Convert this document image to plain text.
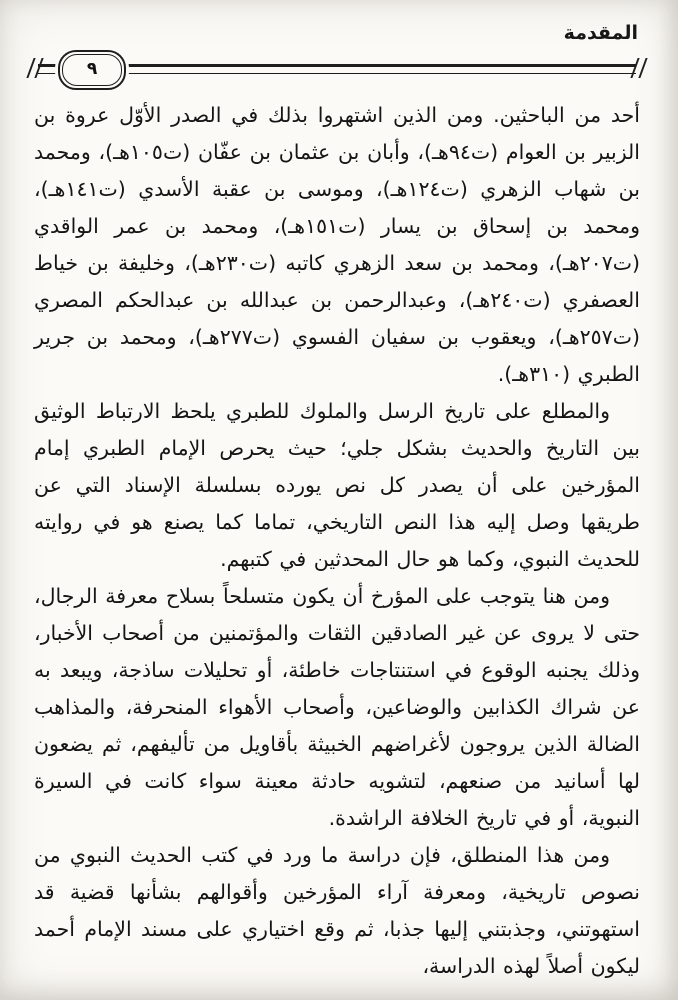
المقدمة
٩

أحد من الباحثين. ومن الذين اشتهروا بذلك في الصدر الأوّل عروة بن الزبير بن العوام (ت٩٤هـ)، وأبان بن عثمان بن عفّان (ت١٠٥هـ)، ومحمد بن شهاب الزهري (ت١٢٤هـ)، وموسى بن عقبة الأسدي (ت١٤١هـ)، ومحمد بن إسحاق بن يسار (ت١٥١هـ)، ومحمد بن عمر الواقدي (ت٢٠٧هـ)، ومحمد بن سعد الزهري كاتبه (ت٢٣٠هـ)، وخليفة بن خياط العصفري (ت٢٤٠هـ)، وعبدالرحمن بن عبدالله بن عبدالحكم المصري (ت٢٥٧هـ)، ويعقوب بن سفيان الفسوي (ت٢٧٧هـ)، ومحمد بن جرير الطبري (٣١٠هـ).

والمطلع على تاريخ الرسل والملوك للطبري يلحظ الارتباط الوثيق بين التاريخ والحديث بشكل جلي؛ حيث يحرص الإمام الطبري إمام المؤرخين على أن يصدر كل نص يورده بسلسلة الإسناد التي عن طريقها وصل إليه هذا النص التاريخي، تماما كما يصنع هو في روايته للحديث النبوي، وكما هو حال المحدثين في كتبهم.

ومن هنا يتوجب على المؤرخ أن يكون متسلحاً بسلاح معرفة الرجال، حتى لا يروى عن غير الصادقين الثقات والمؤتمنين من أصحاب الأخبار، وذلك يجنبه الوقوع في استنتاجات خاطئة، أو تحليلات ساذجة، ويبعد به عن شراك الكذابين والوضاعين، وأصحاب الأهواء المنحرفة، والمذاهب الضالة الذين يروجون لأغراضهم الخبيثة بأقاويل من تأليفهم، ثم يضعون لها أسانيد من صنعهم، لتشويه حادثة معينة سواء كانت في السيرة النبوية، أو في تاريخ الخلافة الراشدة.

ومن هذا المنطلق، فإن دراسة ما ورد في كتب الحديث النبوي من نصوص تاريخية، ومعرفة آراء المؤرخين وأقوالهم بشأنها قضية قد استهوتني، وجذبتني إليها جذبا، ثم وقع اختياري على مسند الإمام أحمد ليكون أصلاً لهذه الدراسة،
